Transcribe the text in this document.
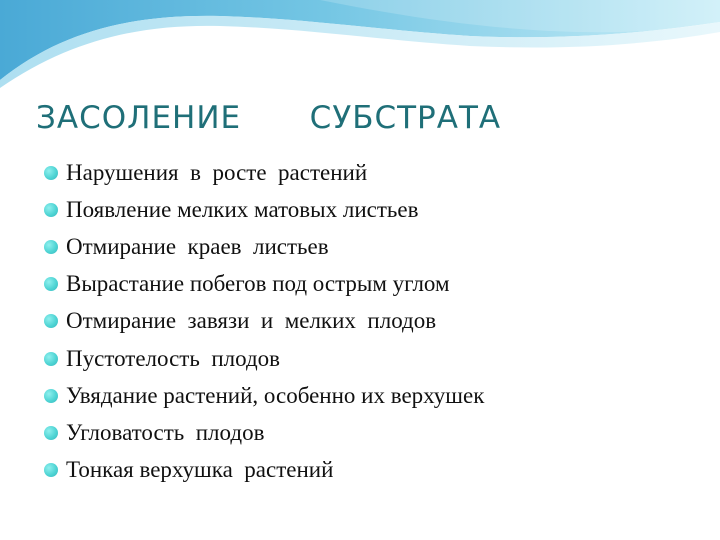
ЗАСОЛЕНИЕ   СУБСТРАТА
Нарушения  в  росте  растений
Появление мелких матовых листьев
Отмирание  краев  листьев
Вырастание побегов под острым углом
Отмирание  завязи  и  мелких  плодов
Пустотелость  плодов
Увядание растений, особенно их верхушек
Угловатость  плодов
Тонкая верхушка  растений
